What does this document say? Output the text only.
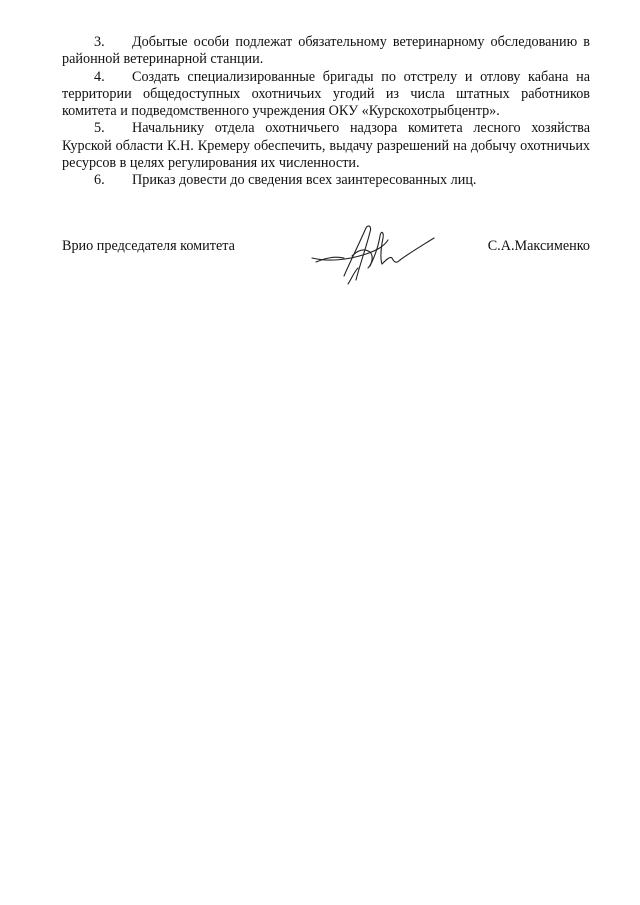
3. Добытые особи подлежат обязательному ветеринарному обследованию в районной ветеринарной станции.

4. Создать специализированные бригады по отстрелу и отлову кабана на территории общедоступных охотничьих угодий из числа штатных работников комитета и подведомственного учреждения ОКУ «Курскохотрыбцентр».

5. Начальнику отдела охотничьего надзора комитета лесного хозяйства Курской области К.Н. Кремеру обеспечить, выдачу разрешений на добычу охотничьих ресурсов в целях регулирования их численности.

6. Приказ довести до сведения всех заинтересованных лиц.

Врио председателя комитета	С.А.Максименко
